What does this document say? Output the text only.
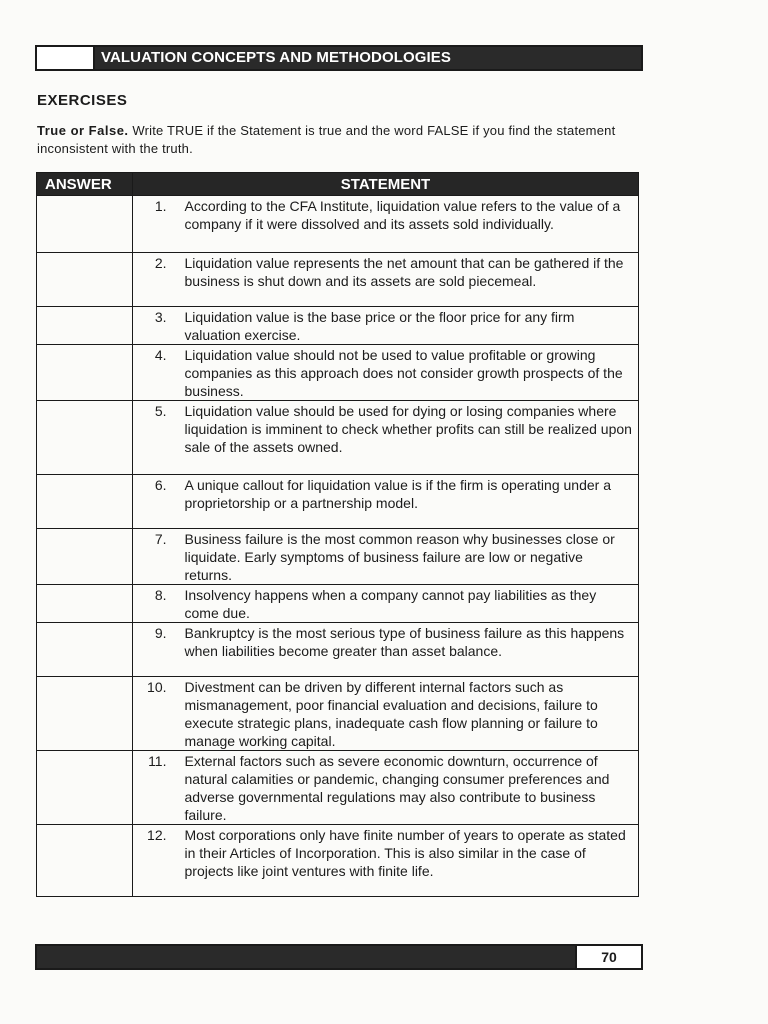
VALUATION CONCEPTS AND METHODOLOGIES
EXERCISES
True or False. Write TRUE if the Statement is true and the word FALSE if you find the statement inconsistent with the truth.
ANSWER	STATEMENT	
	1.	According to the CFA Institute, liquidation value refers to the value of a company if it were dissolved and its assets sold individually.
	2.	Liquidation value represents the net amount that can be gathered if the business is shut down and its assets are sold piecemeal.
	3.	Liquidation value is the base price or the floor price for any firm valuation exercise.
	4.	Liquidation value should not be used to value profitable or growing companies as this approach does not consider growth prospects of the business.
	5.	Liquidation value should be used for dying or losing companies where liquidation is imminent to check whether profits can still be realized upon sale of the assets owned.
	6.	A unique callout for liquidation value is if the firm is operating under a proprietorship or a partnership model.
	7.	Business failure is the most common reason why businesses close or liquidate. Early symptoms of business failure are low or negative returns.
	8.	Insolvency happens when a company cannot pay liabilities as they come due.
	9.	Bankruptcy is the most serious type of business failure as this happens when liabilities become greater than asset balance.
	10.	Divestment can be driven by different internal factors such as mismanagement, poor financial evaluation and decisions, failure to execute strategic plans, inadequate cash flow planning or failure to manage working capital.
	11.	External factors such as severe economic downturn, occurrence of natural calamities or pandemic, changing consumer preferences and adverse governmental regulations may also contribute to business failure.
	12.	Most corporations only have finite number of years to operate as stated in their Articles of Incorporation. This is also similar in the case of projects like joint ventures with finite life.
70
